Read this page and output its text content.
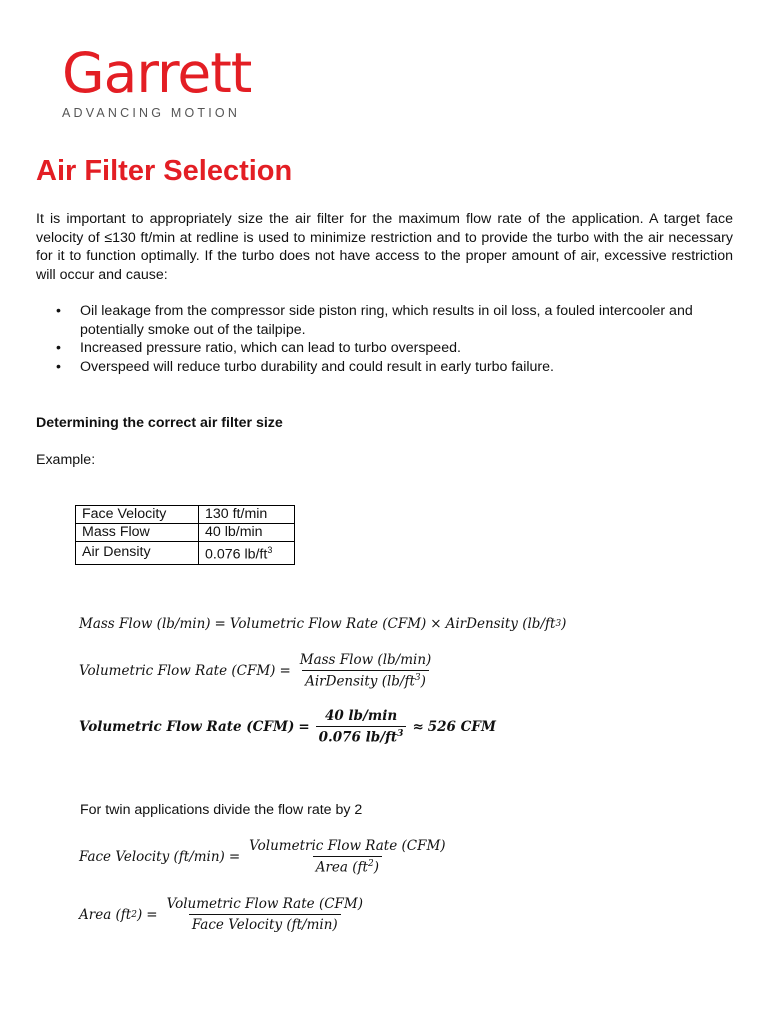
Garrett
ADVANCING MOTION
Air Filter Selection

It is important to appropriately size the air filter for the maximum flow rate of the application. A target face velocity of ≤130 ft/min at redline is used to minimize restriction and to provide the turbo with the air necessary for it to function optimally. If the turbo does not have access to the proper amount of air, excessive restriction will occur and cause:

• Oil leakage from the compressor side piston ring, which results in oil loss, a fouled intercooler and potentially smoke out of the tailpipe.
• Increased pressure ratio, which can lead to turbo overspeed.
• Overspeed will reduce turbo durability and could result in early turbo failure.

Determining the correct air filter size

Example:

Face Velocity	130 ft/min
Mass Flow	40 lb/min
Air Density	0.076 $lb/ft^3$
Mass Flow (lb/min) = Volumetric Flow Rate (CFM) × AirDensity (lb/ft 3 )
Volumetric Flow Rate $(CFM) = \frac{\text{Mass Flow (lb/min)}}{AirDensity (lb/ft^3)}$
Volumetric Flow Rate $(CFM) = \frac{40 lb/\min}{0.076 lb/ft^3} \approx 526$ CFM

For twin applications divide the flow rate by 2

Face Velocity $(ft/\min) = \frac{\text{Volumetric Flow Rate (CFM)}}{Area (ft^2)}$
Area (ft 2 ) = $\frac{\text{Volumetric Flow Rate (CFM)}}{\text{Face Velocity (ft/min)}}$
